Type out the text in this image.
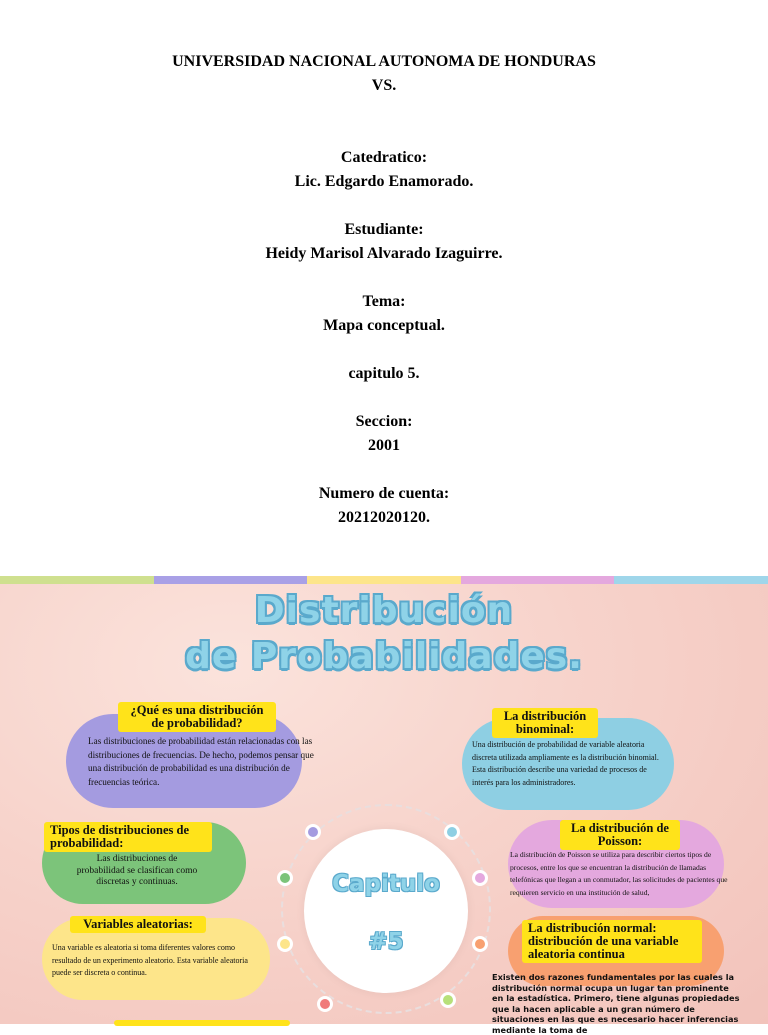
UNIVERSIDAD NACIONAL AUTONOMA DE HONDURAS
VS.
Catedratico:
Lic. Edgardo Enamorado.
Estudiante:
Heidy Marisol Alvarado Izaguirre.
Tema:
Mapa conceptual.
capitulo 5.
Seccion:
2001
Numero de cuenta:
20212020120.
Distribución
de Probabilidades.
Capitulo
#5
¿Qué es una distribución de probabilidad?
Las distribuciones de probabilidad están relacionadas con las distribuciones de frecuencias. De hecho, podemos pensar que una distribución de probabilidad es una distribución de frecuencias teórica.
La distribución binominal:
Una distribución de probabilidad de variable aleatoria discreta utilizada ampliamente es la distribución binomial. Esta distribución describe una variedad de procesos de interés para los administradores.
Tipos de distribuciones de probabilidad:
Las distribuciones de probabilidad se clasifican como discretas y continuas.
La distribución de Poisson:
La distribución de Poisson se utiliza para describir ciertos tipos de procesos, entre los que se encuentran la distribución de llamadas telefónicas que llegan a un conmutador, las solicitudes de pacientes que requieren servicio en una institución de salud,
Variables aleatorias:
Una variable es aleatoria si toma diferentes valores como resultado de un experimento aleatorio. Esta variable aleatoria puede ser discreta o continua.
La distribución normal: distribución de una variable aleatoria continua
Existen dos razones fundamentales por las cuales la distribución normal ocupa un lugar tan prominente en la estadística. Primero, tiene algunas propiedades que la hacen aplicable a un gran número de situaciones en las que es necesario hacer inferencias mediante la toma de
